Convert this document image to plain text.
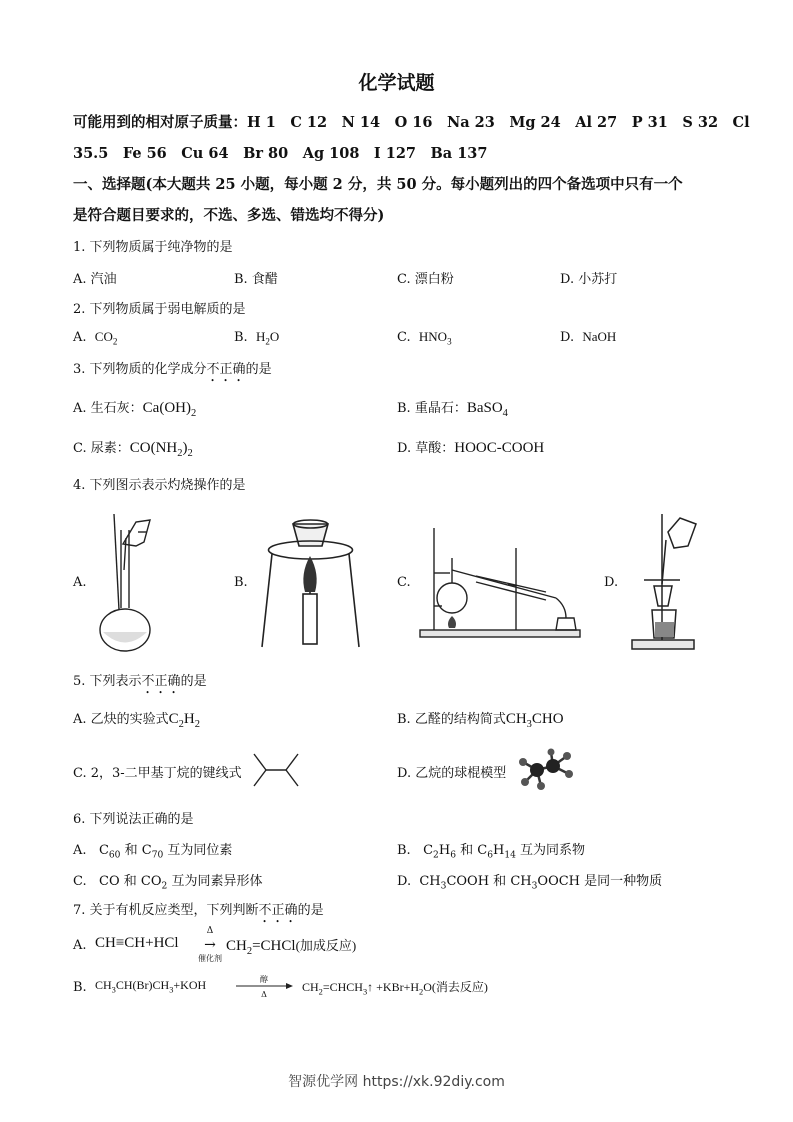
化学试题
可能用到的相对原子质量：H 1　C 12　N 14　O 16　Na 23　Mg 24　Al 27　P 31　S 32　Cl
35.5　Fe 56　Cu 64　Br 80　Ag 108　I 127　Ba 137
一、选择题(本大题共 25 小题，每小题 2 分，共 50 分。每小题列出的四个备选项中只有一个
是符合题目要求的，不选、多选、错选均不得分)
1. 下列物质属于纯净物的是
A. 汽油	B. 食醋	C. 漂白粉	D. 小苏打
2. 下列物质属于弱电解质的是
A. $CO_2$	B. $H_2O$	C. $HNO_3$	D. NaOH
3. 下列物质的化学成分不正确的是
A. 生石灰：$Ca(OH)_2$	B. 重晶石：BaSO$_4$
C. 尿素：$CO(NH_2)_2$	D. 草酸：HOOC-COOH
4. 下列图示表示灼烧操作的是
A.	B.	C.	D.
5. 下列表示不正确的是
A. 乙炔的实验式$C_2H_2$	B. 乙醛的结构简式$CH_3CHO$
C. 2，3-二甲基丁烷的键线式	D. 乙烷的球棍模型
6. 下列说法正确的是
A. $C_{60}$ 和 $C_{70}$ 互为同位素	B. $C_2H_6$ 和 $C_6H_{14}$ 互为同系物
C. CO 和 $CO_2$ 互为同素异形体	D. $CH_3COOH$ 和 $CH_3OOCH$ 是同一种物质
7. 关于有机反应类型，下列判断不正确的是
A. CH≡CH+HCl
Δ
→
催化剂
$CH_2=CHCl$(加成反应)
B. $CH_3CH(Br)CH_3+KOH$	醇
Δ
$CH_2=CHCH_3↑ +KBr+H_2O$(消去反应)
智源优学网 https://xk.92diy.com
